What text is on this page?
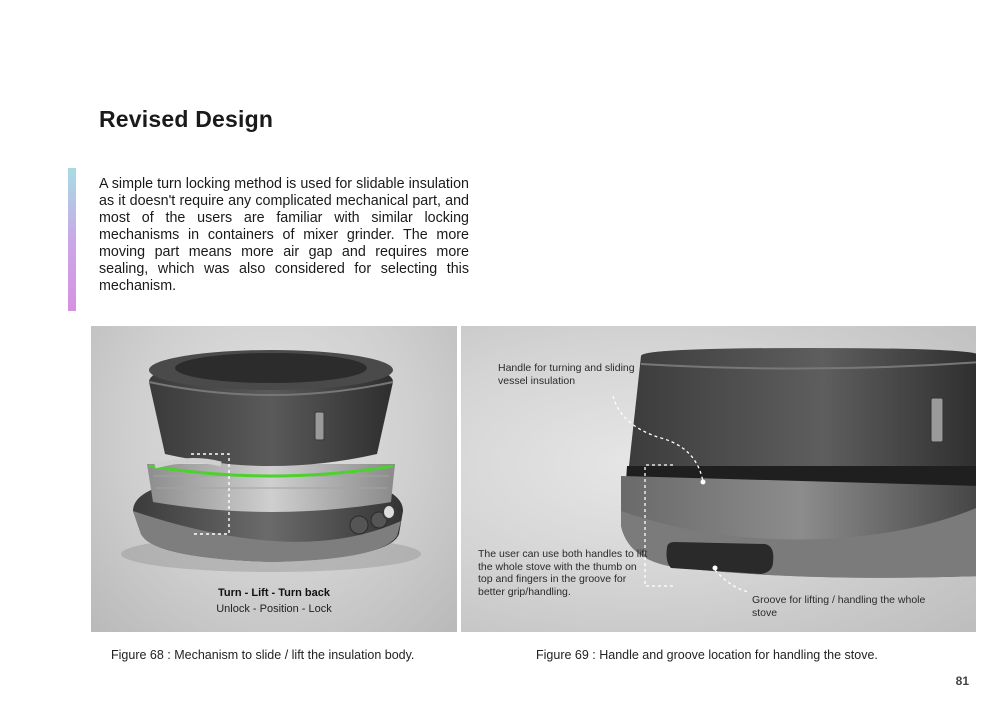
Revised Design

A simple turn locking method is used for slidable insulation as it doesn't require any complicated mechanical part, and most of the users are familiar with similar locking mechanisms in containers of mixer grinder. The more moving part means more air gap and requires more sealing, which was also considered for selecting this mechanism.

Turn - Lift - Turn back
Unlock - Position - Lock

Handle for turning and sliding vessel insulation

The user can use both handles to lift the whole stove with the thumb on top and fingers in the groove for better grip/handling.

Groove for lifting / handling the whole stove

Figure 68 : Mechanism to slide / lift the insulation body.	Figure 69 : Handle and groove location for handling the stove.
81
